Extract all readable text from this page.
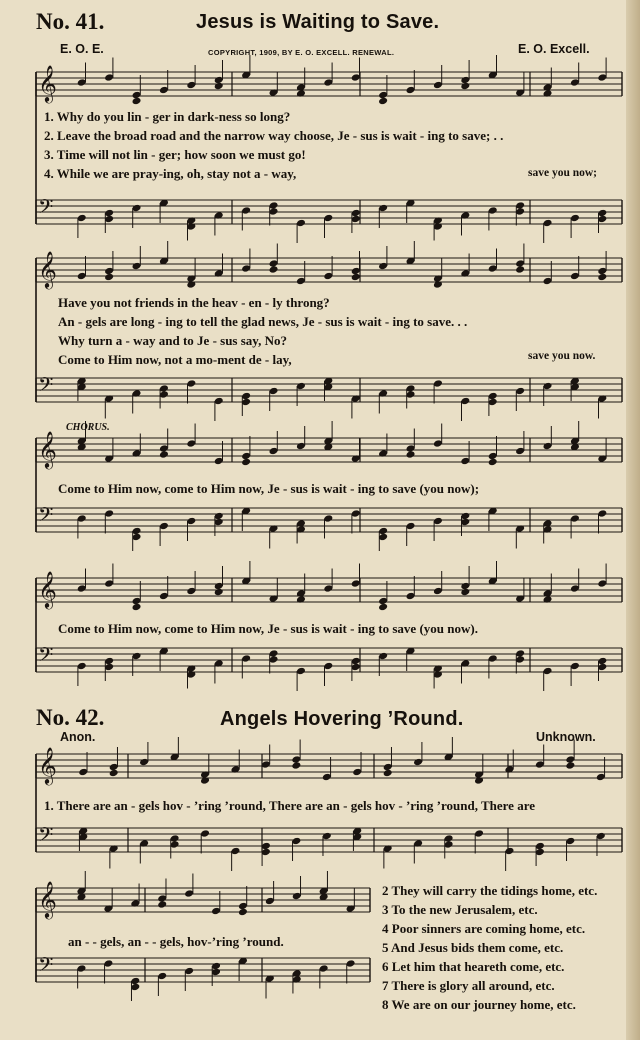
𝄞
𝄢
𝄞
𝄢
𝄞
𝄢
𝄞
𝄢
𝄞
𝄢
𝄞
𝄢
No. 41.	Jesus is Waiting to Save.
E. O. E.	COPYRIGHT, 1909, BY E. O. EXCELL. RENEWAL.	E. O. Excell.
1. Why do you lin - ger in dark-ness so long?
2. Leave the broad road and the narrow way choose, Je - sus is wait - ing to save; . .
3. Time will not lin - ger; how soon we must go!
4. While we are pray-ing, oh, stay not a - way,	save you now;
Have you not friends in the heav - en - ly throng?
An - gels are long - ing to tell the glad news, Je - sus is wait - ing to save. . .
Why turn a - way and to Je - sus say, No?
Come to Him now, not a mo-ment de - lay,	save you now.
CHORUS.
Come to Him now, come to Him now, Je - sus is wait - ing to save (you now);
Come to Him now, come to Him now, Je - sus is wait - ing to save (you now).
No. 42.	Angels Hovering ’Round.
Anon.	Unknown.
1. There are an - gels hov - ’ring ’round, There are an - gels hov - ’ring ’round, There are
an - - gels, an - - gels, hov-’ring ’round.
2 They will carry the tidings home, etc.
3 To the new Jerusalem, etc.
4 Poor sinners are coming home, etc.
5 And Jesus bids them come, etc.
6 Let him that heareth come, etc.
7 There is glory all around, etc.
8 We are on our journey home, etc.
